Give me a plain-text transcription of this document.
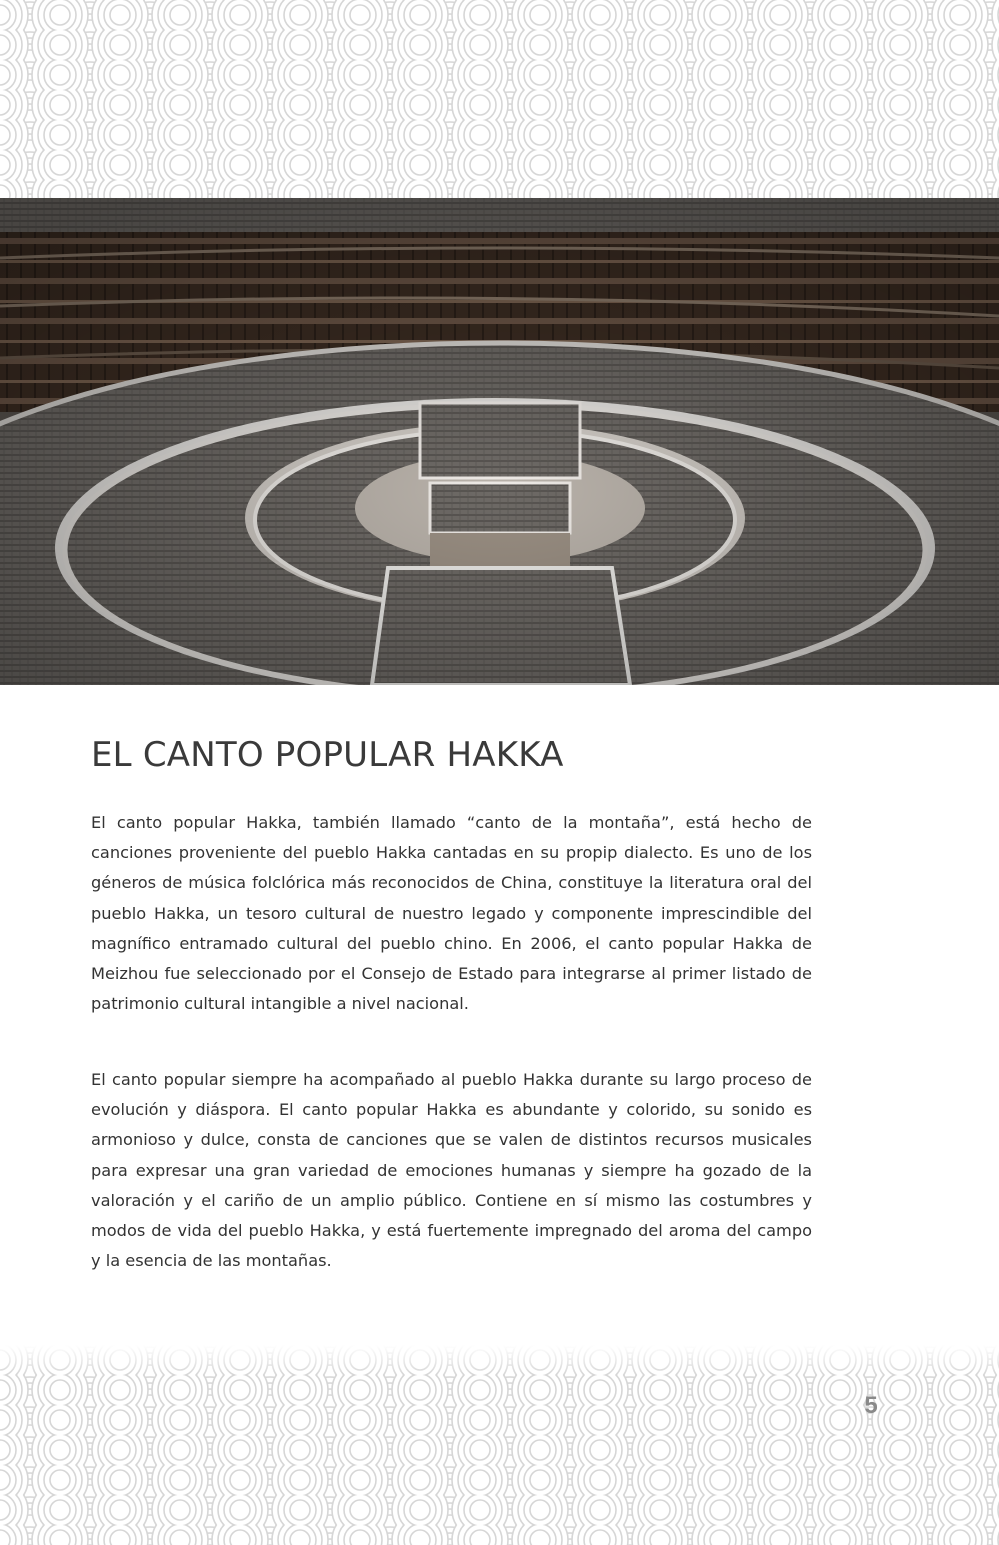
EL CANTO POPULAR HAKKA

El canto popular Hakka, también llamado “canto de la montaña”, está hecho de canciones proveniente del pueblo Hakka cantadas en su propip dialecto. Es uno de los géneros de música folclórica más reconocidos de China, constituye la literatura oral del pueblo Hakka, un tesoro cultural de nuestro legado y componente imprescindible del magnífico entramado cultural del pueblo chino. En 2006, el canto popular Hakka de Meizhou fue seleccionado por el Consejo de Estado para integrarse al primer listado de patrimonio cultural intangible a nivel nacional.

El canto popular siempre ha acompañado al pueblo Hakka durante su largo proceso de evolución y diáspora. El canto popular Hakka es abundante y colorido, su sonido es armonioso y dulce, consta de canciones que se valen de distintos recursos musicales para expresar una gran variedad de emociones humanas y siempre ha gozado de la valoración y el cariño de un amplio público. Contiene en sí mismo las costumbres y modos de vida del pueblo Hakka, y está fuertemente impregnado del aroma del campo y la esencia de las montañas.

5
